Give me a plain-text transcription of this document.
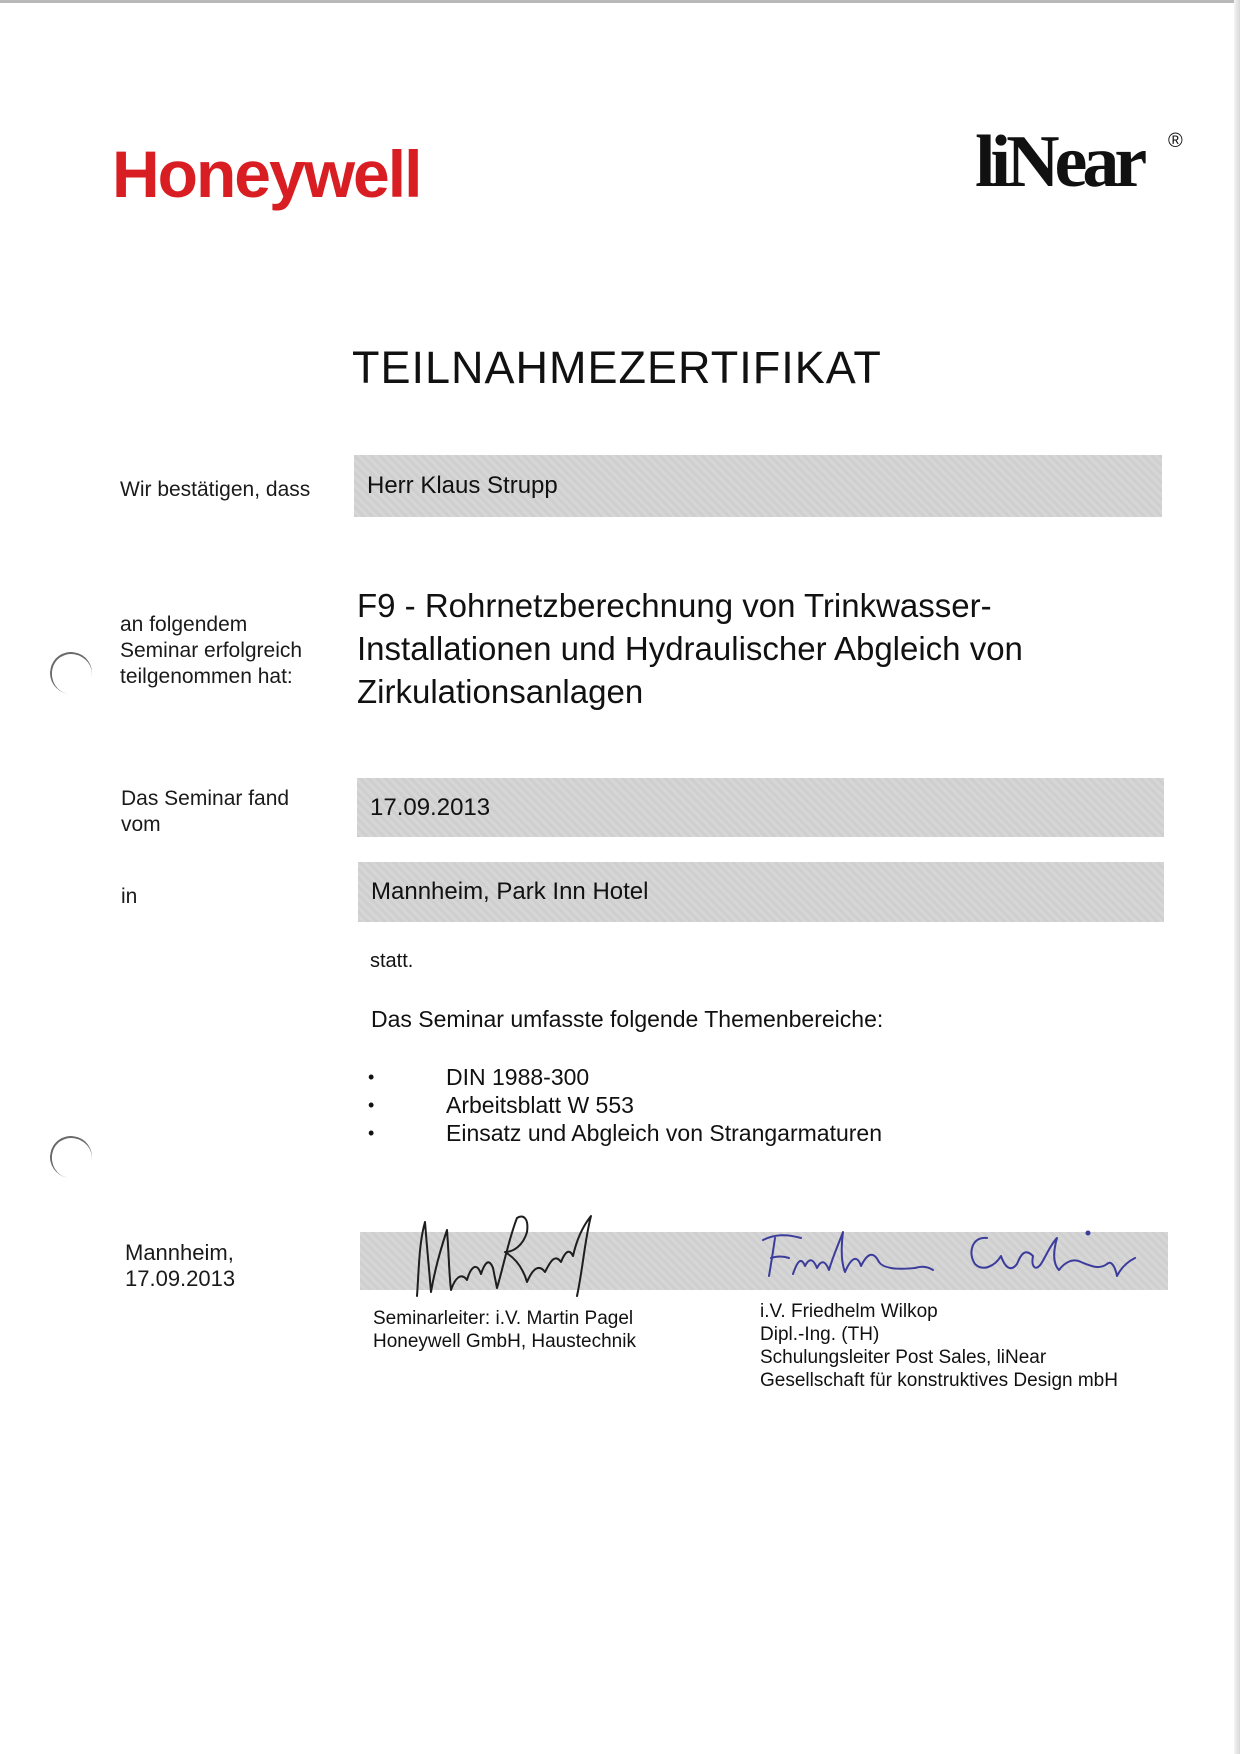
Honeywell	liNear ®
TEILNAHMEZERTIFIKAT
Wir bestätigen, dass Herr Klaus Strupp
an folgendem
Seminar erfolgreich
teilgenommen hat:
F9 - Rohrnetzberechnung von Trinkwasser-
Installationen und Hydraulischer Abgleich von
Zirkulationsanlagen
Das Seminar fand
vom
17.09.2013
in	Mannheim, Park Inn Hotel
statt.
Das Seminar umfasste folgende Themenbereiche:
• DIN 1988-300
• Arbeitsblatt W 553
• Einsatz und Abgleich von Strangarmaturen
Mannheim,
17.09.2013
Seminarleiter: i.V. Martin Pagel
Honeywell GmbH, Haustechnik
i.V. Friedhelm Wilkop
Dipl.-Ing. (TH)
Schulungsleiter Post Sales, liNear
Gesellschaft für konstruktives Design mbH
